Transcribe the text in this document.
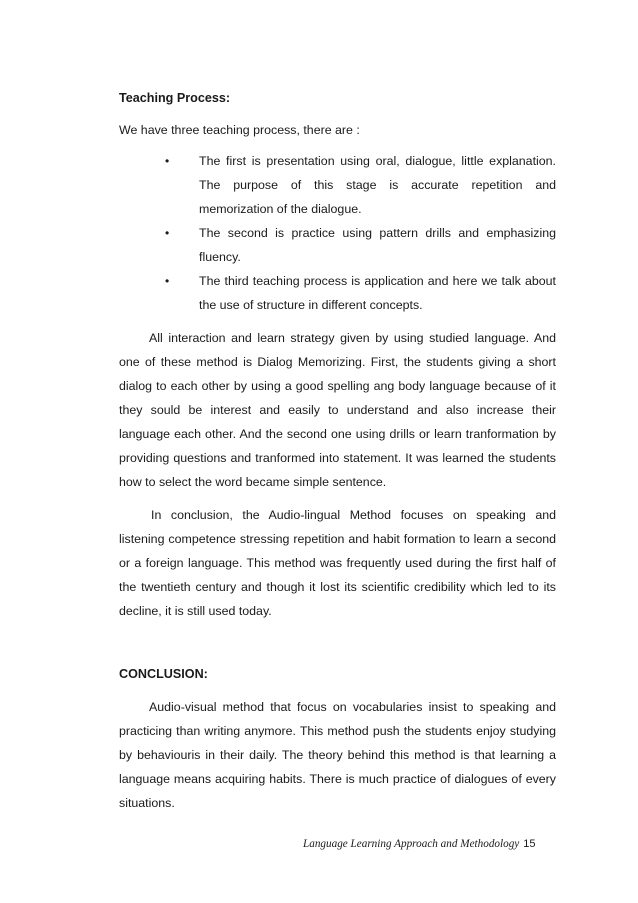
Teaching Process:

We have three teaching process, there are :

• The first is presentation using oral, dialogue, little explanation. The purpose of this stage is accurate repetition and memorization of the dialogue.
• The second is practice using pattern drills and emphasizing fluency.
• The third teaching process is application and here we talk about the use of structure in different concepts.

All interaction and learn strategy given by using studied language. And one of these method is Dialog Memorizing. First, the students giving a short dialog to each other by using a good spelling ang body language because of it they sould be interest and easily to understand and also increase their language each other. And the second one using drills or learn tranformation by providing questions and tranformed into statement. It was learned the students how to select the word became simple sentence.

In conclusion, the Audio-lingual Method focuses on speaking and listening competence stressing repetition and habit formation to learn a second or a foreign language. This method was frequently used during the first half of the twentieth century and though it lost its scientific credibility which led to its decline, it is still used today.

CONCLUSION:

Audio-visual method that focus on vocabularies insist to speaking and practicing than writing anymore. This method push the students enjoy studying by behaviouris in their daily. The theory behind this method is that learning a language means acquiring habits. There is much practice of dialogues of every situations.

Language Learning Approach and Methodology 15
